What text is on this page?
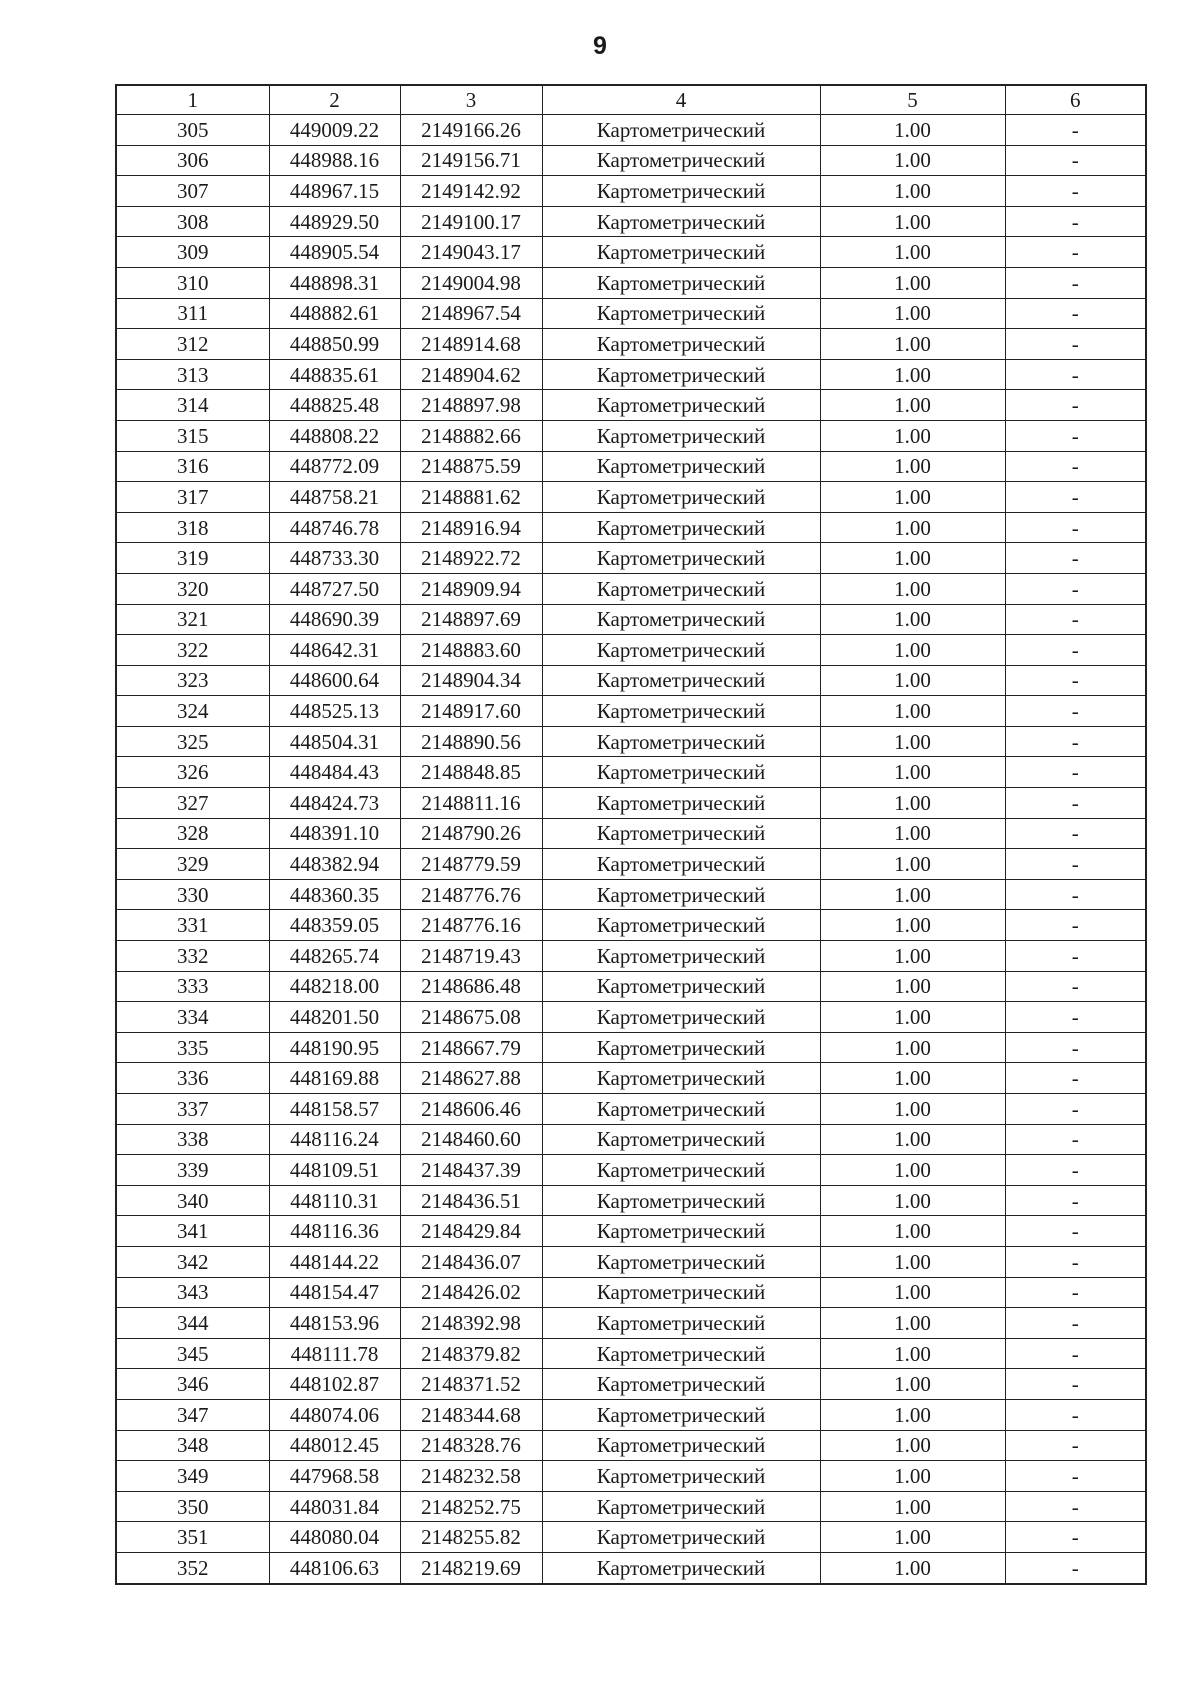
9
1	2	3	4	5	6
305	449009.22	2149166.26	Картометрический	1.00	-
306	448988.16	2149156.71	Картометрический	1.00	-
307	448967.15	2149142.92	Картометрический	1.00	-
308	448929.50	2149100.17	Картометрический	1.00	-
309	448905.54	2149043.17	Картометрический	1.00	-
310	448898.31	2149004.98	Картометрический	1.00	-
311	448882.61	2148967.54	Картометрический	1.00	-
312	448850.99	2148914.68	Картометрический	1.00	-
313	448835.61	2148904.62	Картометрический	1.00	-
314	448825.48	2148897.98	Картометрический	1.00	-
315	448808.22	2148882.66	Картометрический	1.00	-
316	448772.09	2148875.59	Картометрический	1.00	-
317	448758.21	2148881.62	Картометрический	1.00	-
318	448746.78	2148916.94	Картометрический	1.00	-
319	448733.30	2148922.72	Картометрический	1.00	-
320	448727.50	2148909.94	Картометрический	1.00	-
321	448690.39	2148897.69	Картометрический	1.00	-
322	448642.31	2148883.60	Картометрический	1.00	-
323	448600.64	2148904.34	Картометрический	1.00	-
324	448525.13	2148917.60	Картометрический	1.00	-
325	448504.31	2148890.56	Картометрический	1.00	-
326	448484.43	2148848.85	Картометрический	1.00	-
327	448424.73	2148811.16	Картометрический	1.00	-
328	448391.10	2148790.26	Картометрический	1.00	-
329	448382.94	2148779.59	Картометрический	1.00	-
330	448360.35	2148776.76	Картометрический	1.00	-
331	448359.05	2148776.16	Картометрический	1.00	-
332	448265.74	2148719.43	Картометрический	1.00	-
333	448218.00	2148686.48	Картометрический	1.00	-
334	448201.50	2148675.08	Картометрический	1.00	-
335	448190.95	2148667.79	Картометрический	1.00	-
336	448169.88	2148627.88	Картометрический	1.00	-
337	448158.57	2148606.46	Картометрический	1.00	-
338	448116.24	2148460.60	Картометрический	1.00	-
339	448109.51	2148437.39	Картометрический	1.00	-
340	448110.31	2148436.51	Картометрический	1.00	-
341	448116.36	2148429.84	Картометрический	1.00	-
342	448144.22	2148436.07	Картометрический	1.00	-
343	448154.47	2148426.02	Картометрический	1.00	-
344	448153.96	2148392.98	Картометрический	1.00	-
345	448111.78	2148379.82	Картометрический	1.00	-
346	448102.87	2148371.52	Картометрический	1.00	-
347	448074.06	2148344.68	Картометрический	1.00	-
348	448012.45	2148328.76	Картометрический	1.00	-
349	447968.58	2148232.58	Картометрический	1.00	-
350	448031.84	2148252.75	Картометрический	1.00	-
351	448080.04	2148255.82	Картометрический	1.00	-
352	448106.63	2148219.69	Картометрический	1.00	-
